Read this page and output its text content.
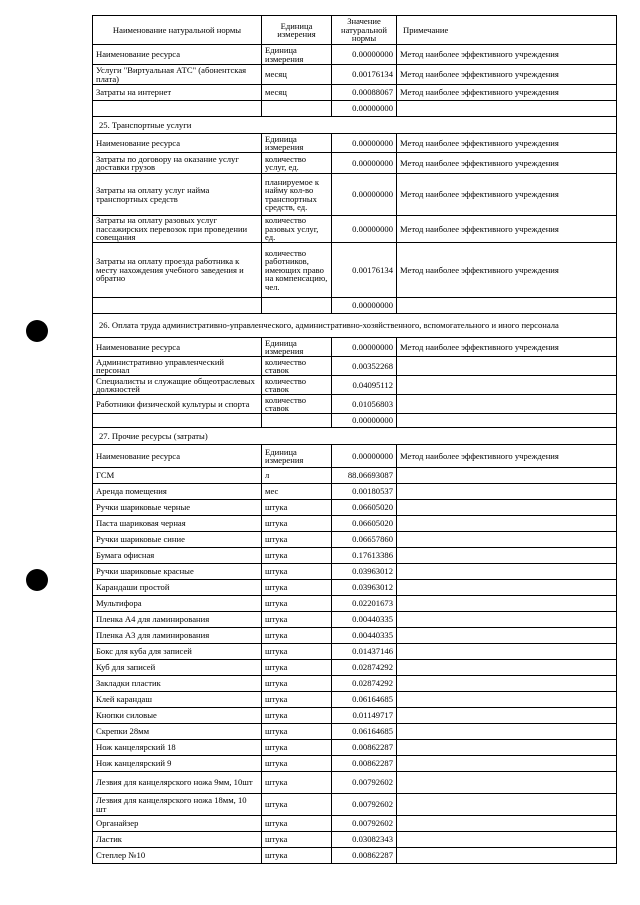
Наименование натуральной нормы	Единица измерения	Значение натуральной нормы	Примечание
Наименование ресурса	Единица измерения	0.00000000	Метод наиболее эффективного учреждения
Услуги "Виртуальная АТС" (абонентская плата)	месяц	0.00176134	Метод наиболее эффективного учреждения
Затраты на интернет	месяц	0.00088067	Метод наиболее эффективного учреждения
		0.00000000	
25. Транспортные услуги			
Наименование ресурса	Единица измерения	0.00000000	Метод наиболее эффективного учреждения
Затраты по договору на оказание услуг доставки грузов	количество услуг, ед.	0.00000000	Метод наиболее эффективного учреждения
Затраты на оплату услуг найма транспортных средств	планируемое к найму кол-во транспортных средств, ед.	0.00000000	Метод наиболее эффективного учреждения
Затраты на оплату разовых услуг пассажирских перевозок при проведении совещания	количество разовых услуг, ед.	0.00000000	Метод наиболее эффективного учреждения
Затраты на оплату проезда работника к месту нахождения учебного заведения и обратно	количество работников, имеющих право на компенсацию, чел.	0.00176134	Метод наиболее эффективного учреждения
		0.00000000	
26. Оплата труда административно-управленческого, административно-хозяйственного, вспомогательного и иного персонала			
Наименование ресурса	Единица измерения	0.00000000	Метод наиболее эффективного учреждения
Административно управленческий персонал	количество ставок	0.00352268	
Специалисты и служащие общеотраслевых должностей	количество ставок	0.04095112	
Работники физической культуры и спорта	количество ставок	0.01056803	
		0.00000000	
27. Прочие ресурсы (затраты)			
Наименование ресурса	Единица измерения	0.00000000	Метод наиболее эффективного учреждения
ГСМ	л	88.06693087	
Аренда помещения	мес	0.00180537	
Ручки шариковые черные	штука	0.06605020	
Паста шариковая черная	штука	0.06605020	
Ручки шариковые синие	штука	0.06657860	
Бумага офисная	штука	0.17613386	
Ручки шариковые красные	штука	0.03963012	
Карандаши простой	штука	0.03963012	
Мультифора	штука	0.02201673	
Пленка А4 для ламинирования	штука	0.00440335	
Пленка А3 для ламинирования	штука	0.00440335	
Бокс для куба для записей	штука	0.01437146	
Куб для записей	штука	0.02874292	
Закладки пластик	штука	0.02874292	
Клей карандаш	штука	0.06164685	
Кнопки силовые	штука	0.01149717	
Скрепки 28мм	штука	0.06164685	
Нож канцелярский 18	штука	0.00862287	
Нож канцелярский 9	штука	0.00862287	
Лезвия для канцелярского ножа 9мм, 10шт	штука	0.00792602	
Лезвия для канцелярского ножа 18мм, 10 шт	штука	0.00792602	
Органайзер	штука	0.00792602	
Ластик	штука	0.03082343	
Степлер №10	штука	0.00862287	
